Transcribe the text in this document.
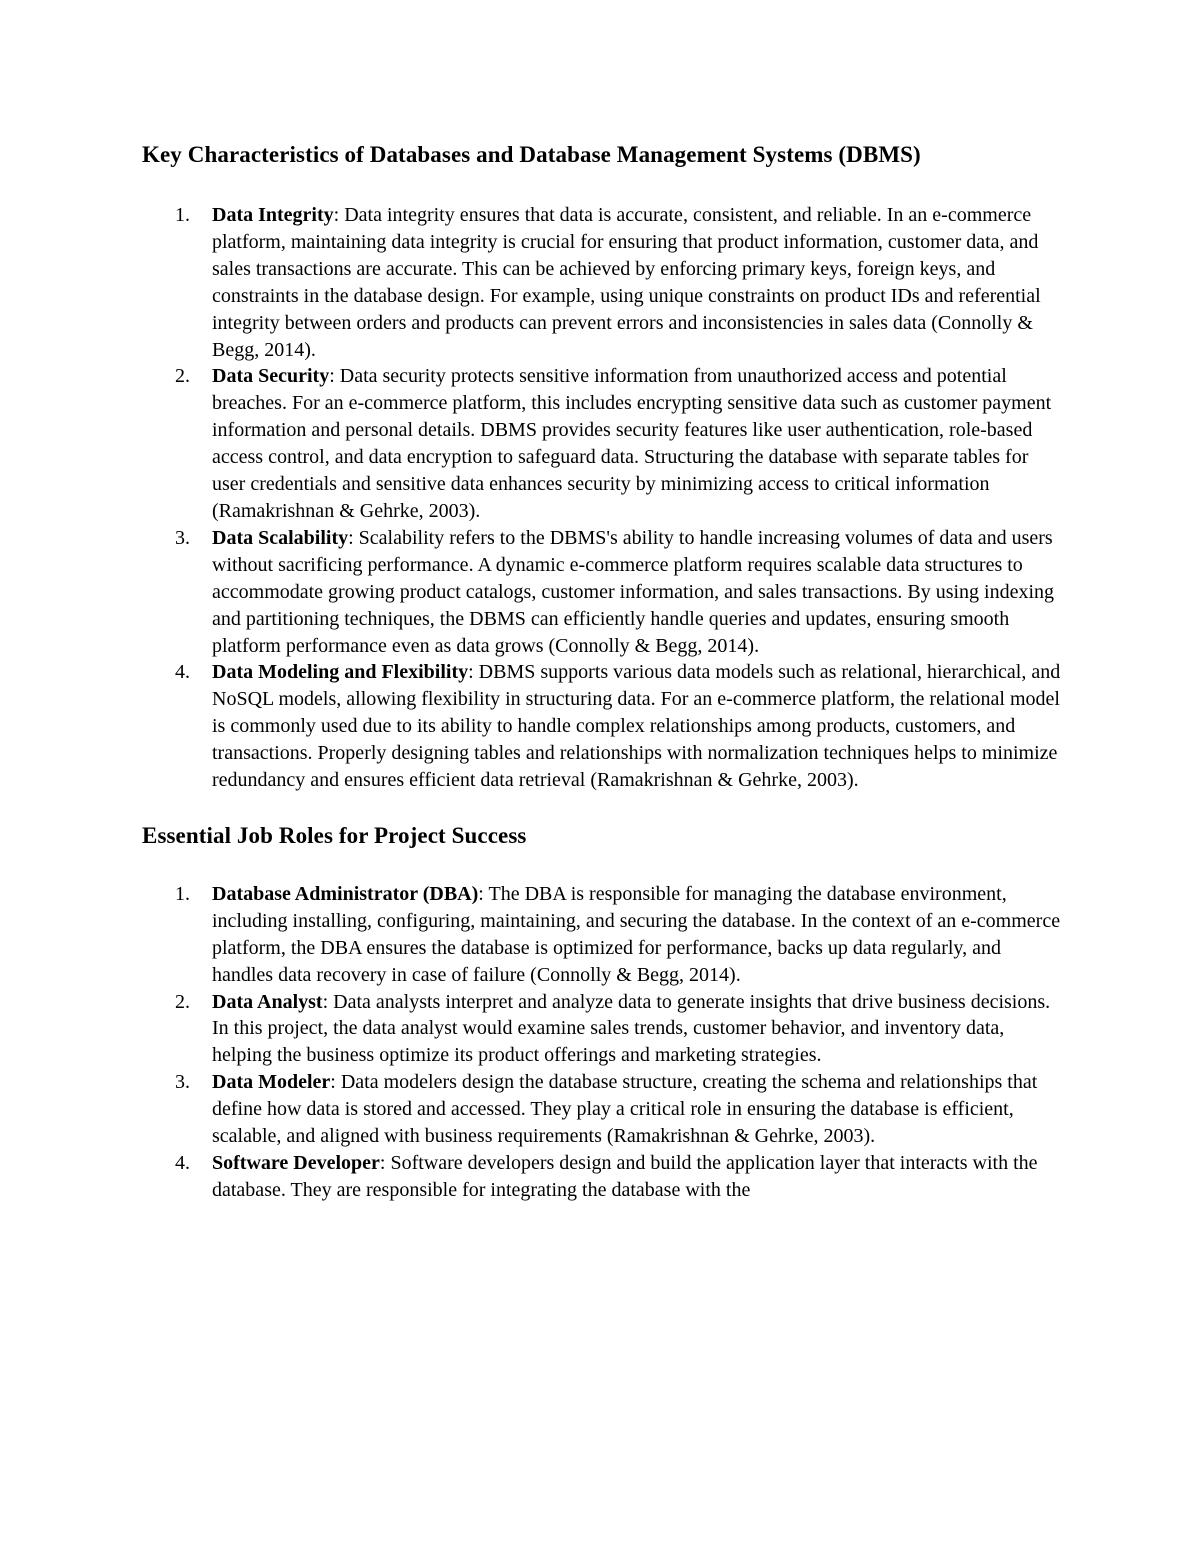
Key Characteristics of Databases and Database Management Systems (DBMS)
1. Data Integrity: Data integrity ensures that data is accurate, consistent, and reliable. In an e-commerce platform, maintaining data integrity is crucial for ensuring that product information, customer data, and sales transactions are accurate. This can be achieved by enforcing primary keys, foreign keys, and constraints in the database design. For example, using unique constraints on product IDs and referential integrity between orders and products can prevent errors and inconsistencies in sales data (Connolly & Begg, 2014).
2. Data Security: Data security protects sensitive information from unauthorized access and potential breaches. For an e-commerce platform, this includes encrypting sensitive data such as customer payment information and personal details. DBMS provides security features like user authentication, role-based access control, and data encryption to safeguard data. Structuring the database with separate tables for user credentials and sensitive data enhances security by minimizing access to critical information (Ramakrishnan & Gehrke, 2003).
3. Data Scalability: Scalability refers to the DBMS's ability to handle increasing volumes of data and users without sacrificing performance. A dynamic e-commerce platform requires scalable data structures to accommodate growing product catalogs, customer information, and sales transactions. By using indexing and partitioning techniques, the DBMS can efficiently handle queries and updates, ensuring smooth platform performance even as data grows (Connolly & Begg, 2014).
4. Data Modeling and Flexibility: DBMS supports various data models such as relational, hierarchical, and NoSQL models, allowing flexibility in structuring data. For an e-commerce platform, the relational model is commonly used due to its ability to handle complex relationships among products, customers, and transactions. Properly designing tables and relationships with normalization techniques helps to minimize redundancy and ensures efficient data retrieval (Ramakrishnan & Gehrke, 2003).
Essential Job Roles for Project Success
1. Database Administrator (DBA): The DBA is responsible for managing the database environment, including installing, configuring, maintaining, and securing the database. In the context of an e-commerce platform, the DBA ensures the database is optimized for performance, backs up data regularly, and handles data recovery in case of failure (Connolly & Begg, 2014).
2. Data Analyst: Data analysts interpret and analyze data to generate insights that drive business decisions. In this project, the data analyst would examine sales trends, customer behavior, and inventory data, helping the business optimize its product offerings and marketing strategies.
3. Data Modeler: Data modelers design the database structure, creating the schema and relationships that define how data is stored and accessed. They play a critical role in ensuring the database is efficient, scalable, and aligned with business requirements (Ramakrishnan & Gehrke, 2003).
4. Software Developer: Software developers design and build the application layer that interacts with the database. They are responsible for integrating the database with the
